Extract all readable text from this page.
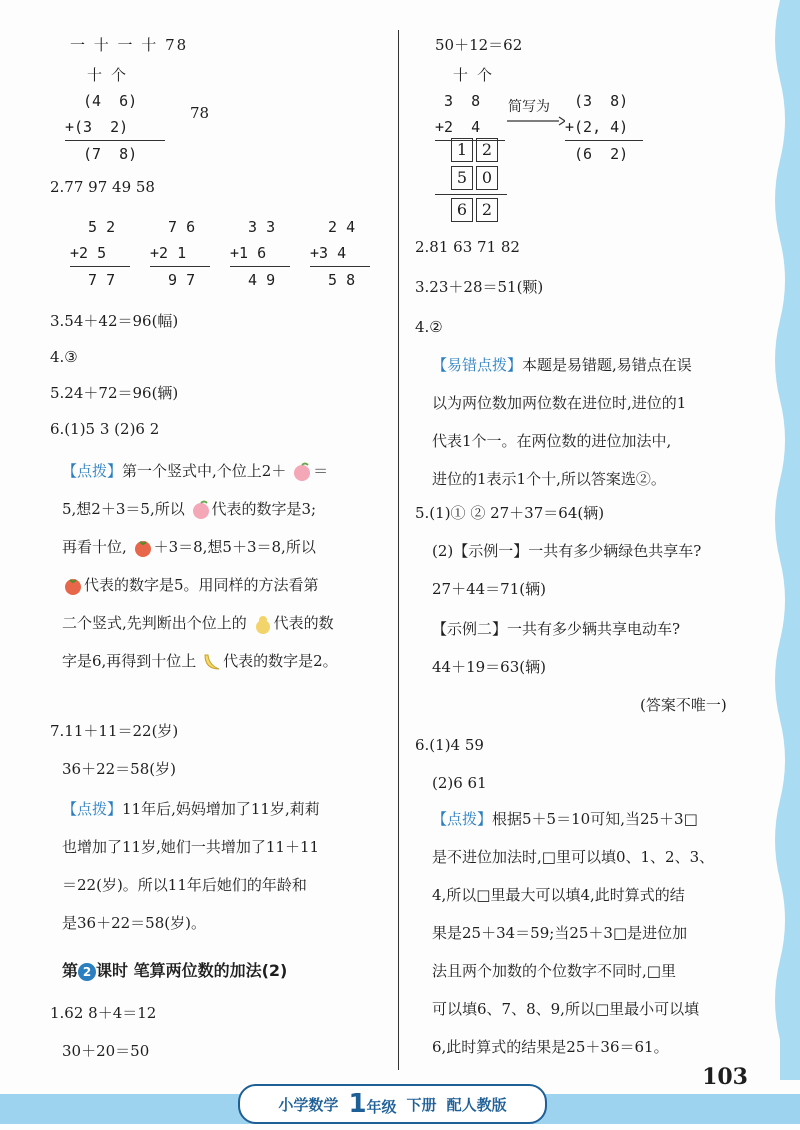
一 十 一 十 78
十 个
(4  6)
+(3  2)
(7  8)
78
2.77 97 49 58
5 2
+2 5
7 7
7 6
+2 1
9 7
3 3
+1 6
4 9
2 4
+3 4
5 8
3.54＋42＝96(幅)
4.③
5.24＋72＝96(辆)
6.(1)5 3 (2)6 2
【点拨】第一个竖式中,个位上2＋ ＝
5,想2＋3＝5,所以 代表的数字是3;
再看十位, ＋3＝8,想5＋3＝8,所以
代表的数字是5。用同样的方法看第
二个竖式,先判断出个位上的 代表的数
字是6,再得到十位上 代表的数字是2。
7.11＋11＝22(岁)
36＋22＝58(岁)
【点拨】11年后,妈妈增加了11岁,莉莉
也增加了11岁,她们一共增加了11＋11
＝22(岁)。所以11年后她们的年龄和
是36＋22＝58(岁)。
第 2 课时 笔算两位数的加法(2)
1.62 8＋4＝12
30＋20＝50
50＋12＝62
十 个
3  8
+2  4
简写为 (3  8)
+(2, 4)
(6  2)
1 2
5 0
6 2
2.81 63 71 82
3.23＋28＝51(颗)
4.②
【易错点拨】本题是易错题,易错点在误
以为两位数加两位数在进位时,进位的1
代表1个一。在两位数的进位加法中,
进位的1表示1个十,所以答案选②。
5.(1)① ② 27＋37＝64(辆)
(2)【示例一】一共有多少辆绿色共享车?
27＋44＝71(辆)
【示例二】一共有多少辆共享电动车?
44＋19＝63(辆)
(答案不唯一)
6.(1)4 59
(2)6 61
【点拨】根据5＋5＝10可知,当25＋3□
是不进位加法时,□里可以填0、1、2、3、
4,所以□里最大可以填4,此时算式的结
果是25＋34＝59;当25＋3□是进位加
法且两个加数的个位数字不同时,□里
可以填6、7、8、9,所以□里最小可以填
6,此时算式的结果是25＋36＝61。
103
小学数学 1年级 下册 配人教版
